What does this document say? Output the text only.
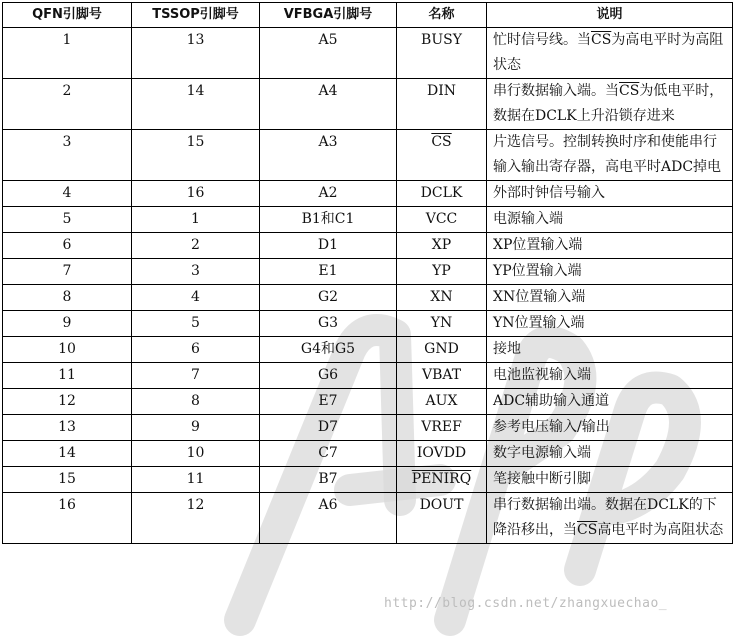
QFN引脚号	TSSOP引脚号	VFBGA引脚号	名称	说明
1	13	A5	BUSY	忙时信号线。当$\overline{CS}$为高电平时为高阻状态
2	14	A4	DIN	串行数据输入端。当$\overline{CS}$为低电平时，数据在DCLK上升沿锁存进来
3	15	A3	$\overline{CS}$	片选信号。控制转换时序和使能串行输入输出寄存器，高电平时ADC掉电
4	16	A2	DCLK	外部时钟信号输入
5	1	B1和C1	VCC	电源输入端
6	2	D1	XP	XP位置输入端
7	3	E1	YP	YP位置输入端
8	4	G2	XN	XN位置输入端
9	5	G3	YN	YN位置输入端
10	6	G4和G5	GND	接地
11	7	G6	VBAT	电池监视输入端
12	8	E7	AUX	ADC辅助输入通道
13	9	D7	VREF	参考电压输入/输出
14	10	C7	IOVDD	数字电源输入端
15	11	B7	PENIRQ	笔接触中断引脚
16	12	A6	DOUT	串行数据输出端。数据在DCLK的下降沿移出，当$\overline{CS}$高电平时为高阻状态
http://blog.csdn.net/zhangxuechao_
